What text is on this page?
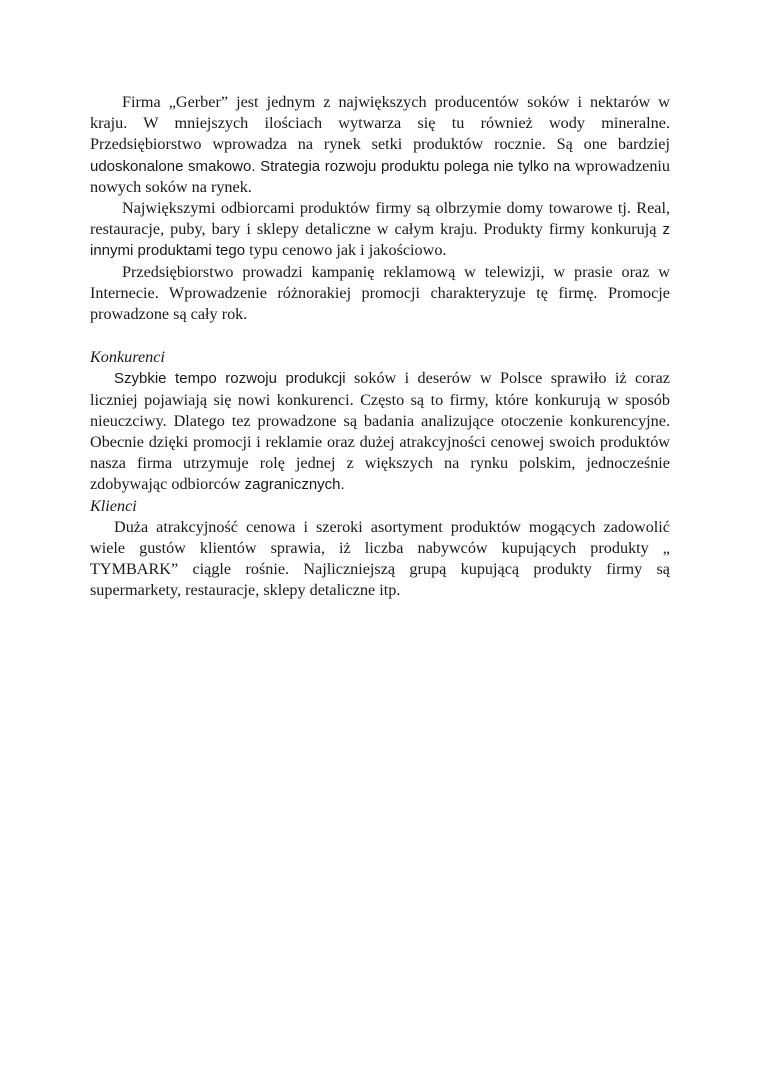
Firma „Gerber” jest jednym z największych producentów soków i nektarów w kraju. W mniejszych ilościach wytwarza się tu również wody mineralne. Przedsiębiorstwo wprowadza na rynek setki produktów rocznie. Są one bardziej udoskonalone smakowo. Strategia rozwoju produktu polega nie tylko na wprowadzeniu nowych soków na rynek.

Największymi odbiorcami produktów firmy są olbrzymie domy towarowe tj. Real, restauracje, puby, bary i sklepy detaliczne w całym kraju. Produkty firmy konkurują z innymi produktami tego typu cenowo jak i jakościowo.

Przedsiębiorstwo prowadzi kampanię reklamową w telewizji, w prasie oraz w Internecie. Wprowadzenie różnorakiej promocji charakteryzuje tę firmę. Promocje prowadzone są cały rok.

Konkurenci

Szybkie tempo rozwoju produkcji soków i deserów w Polsce sprawiło iż coraz liczniej pojawiają się nowi konkurenci. Często są to firmy, które konkurują w sposób nieuczciwy. Dlatego tez prowadzone są badania analizujące otoczenie konkurencyjne. Obecnie dzięki promocji i reklamie oraz dużej atrakcyjności cenowej swoich produktów nasza firma utrzymuje rolę jednej z większych na rynku polskim, jednocześnie zdobywając odbiorców zagranicznych.

Klienci

Duża atrakcyjność cenowa i szeroki asortyment produktów mogących zadowolić wiele gustów klientów sprawia, iż liczba nabywców kupujących produkty „ TYMBARK” ciągle rośnie. Najliczniejszą grupą kupującą produkty firmy są supermarkety, restauracje, sklepy detaliczne itp.
